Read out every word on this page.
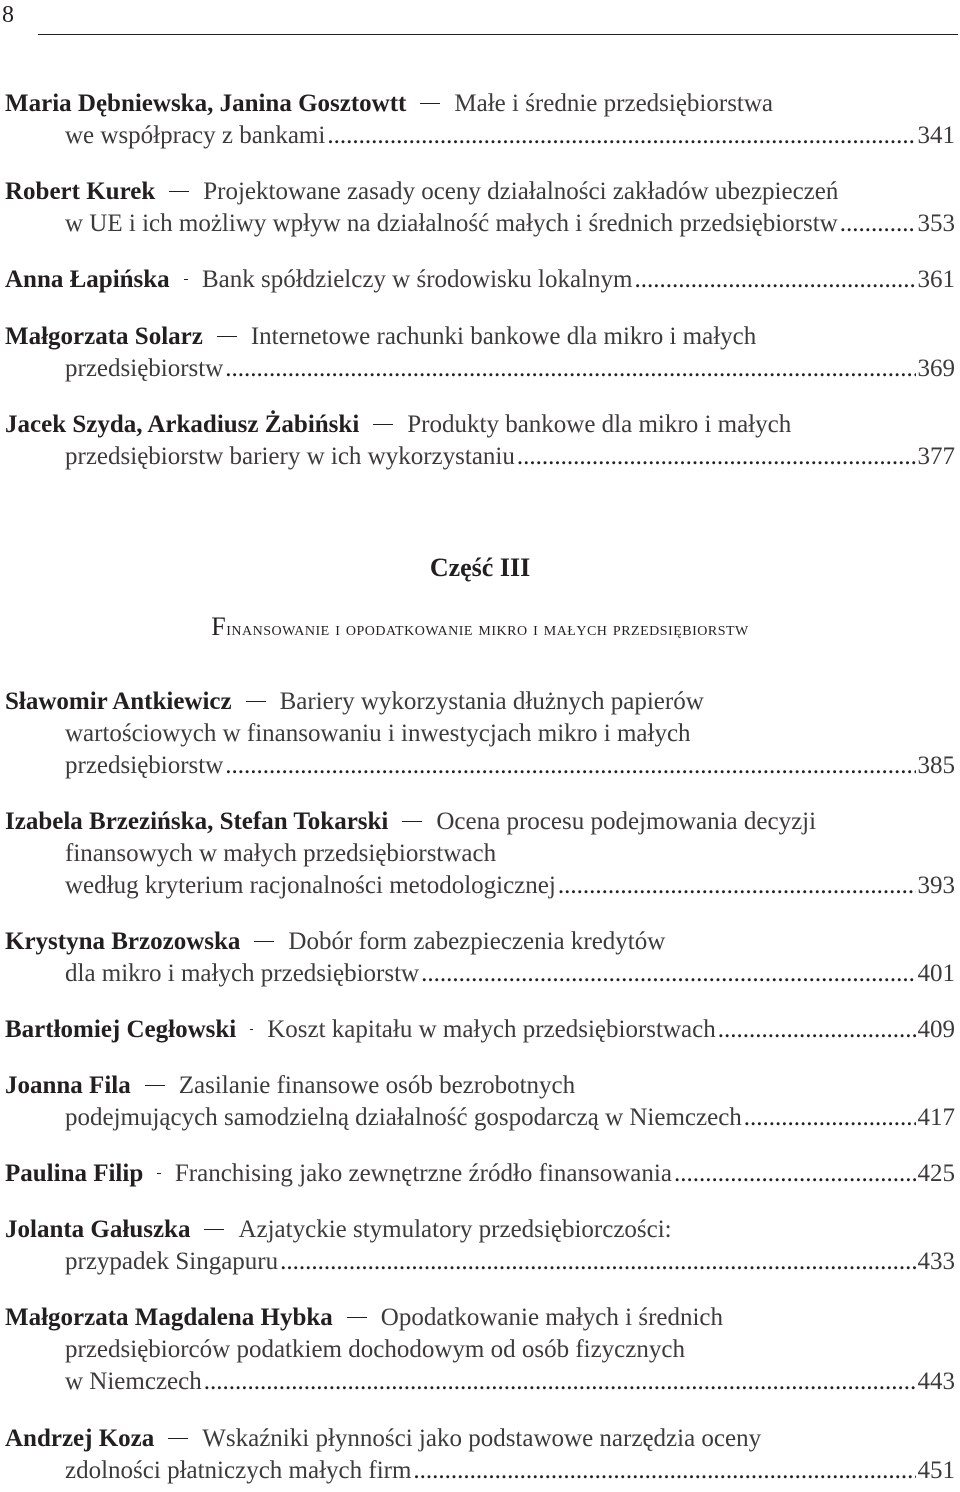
8
Maria Dębniewska, Janina Gosztowtt Małe i średnie przedsiębiorstwa
we współpracy z bankami .....	341
Robert Kurek Projektowane zasady oceny działalności zakładów ubezpieczeń
w UE i ich możliwy wpływ na działalność małych i średnich przedsiębiorstw .....	353
Anna Łapińska Bank spółdzielczy w środowisku lokalnym .....	361
Małgorzata Solarz Internetowe rachunki bankowe dla mikro i małych
przedsiębiorstw .....	369
Jacek Szyda, Arkadiusz Żabiński Produkty bankowe dla mikro i małych
przedsiębiorstw bariery w ich wykorzystaniu .....	377
Część III
Finansowanie i opodatkowanie mikro i małych przedsiębiorstw
Sławomir Antkiewicz Bariery wykorzystania dłużnych papierów
wartościowych w finansowaniu i inwestycjach mikro i małych
przedsiębiorstw .....	385
Izabela Brzezińska, Stefan Tokarski Ocena procesu podejmowania decyzji
finansowych w małych przedsiębiorstwach
według kryterium racjonalności metodologicznej .....	393
Krystyna Brzozowska Dobór form zabezpieczenia kredytów
dla mikro i małych przedsiębiorstw .....	401
Bartłomiej Cegłowski Koszt kapitału w małych przedsiębiorstwach .....	409
Joanna Fila Zasilanie finansowe osób bezrobotnych
podejmujących samodzielną działalność gospodarczą w Niemczech .....	417
Paulina Filip Franchising jako zewnętrzne źródło finansowania .....	425
Jolanta Gałuszka Azjatyckie stymulatory przedsiębiorczości:
przypadek Singapuru .....	433
Małgorzata Magdalena Hybka Opodatkowanie małych i średnich
przedsiębiorców podatkiem dochodowym od osób fizycznych
w Niemczech .....	443
Andrzej Koza Wskaźniki płynności jako podstawowe narzędzia oceny
zdolności płatniczych małych firm .....	451
